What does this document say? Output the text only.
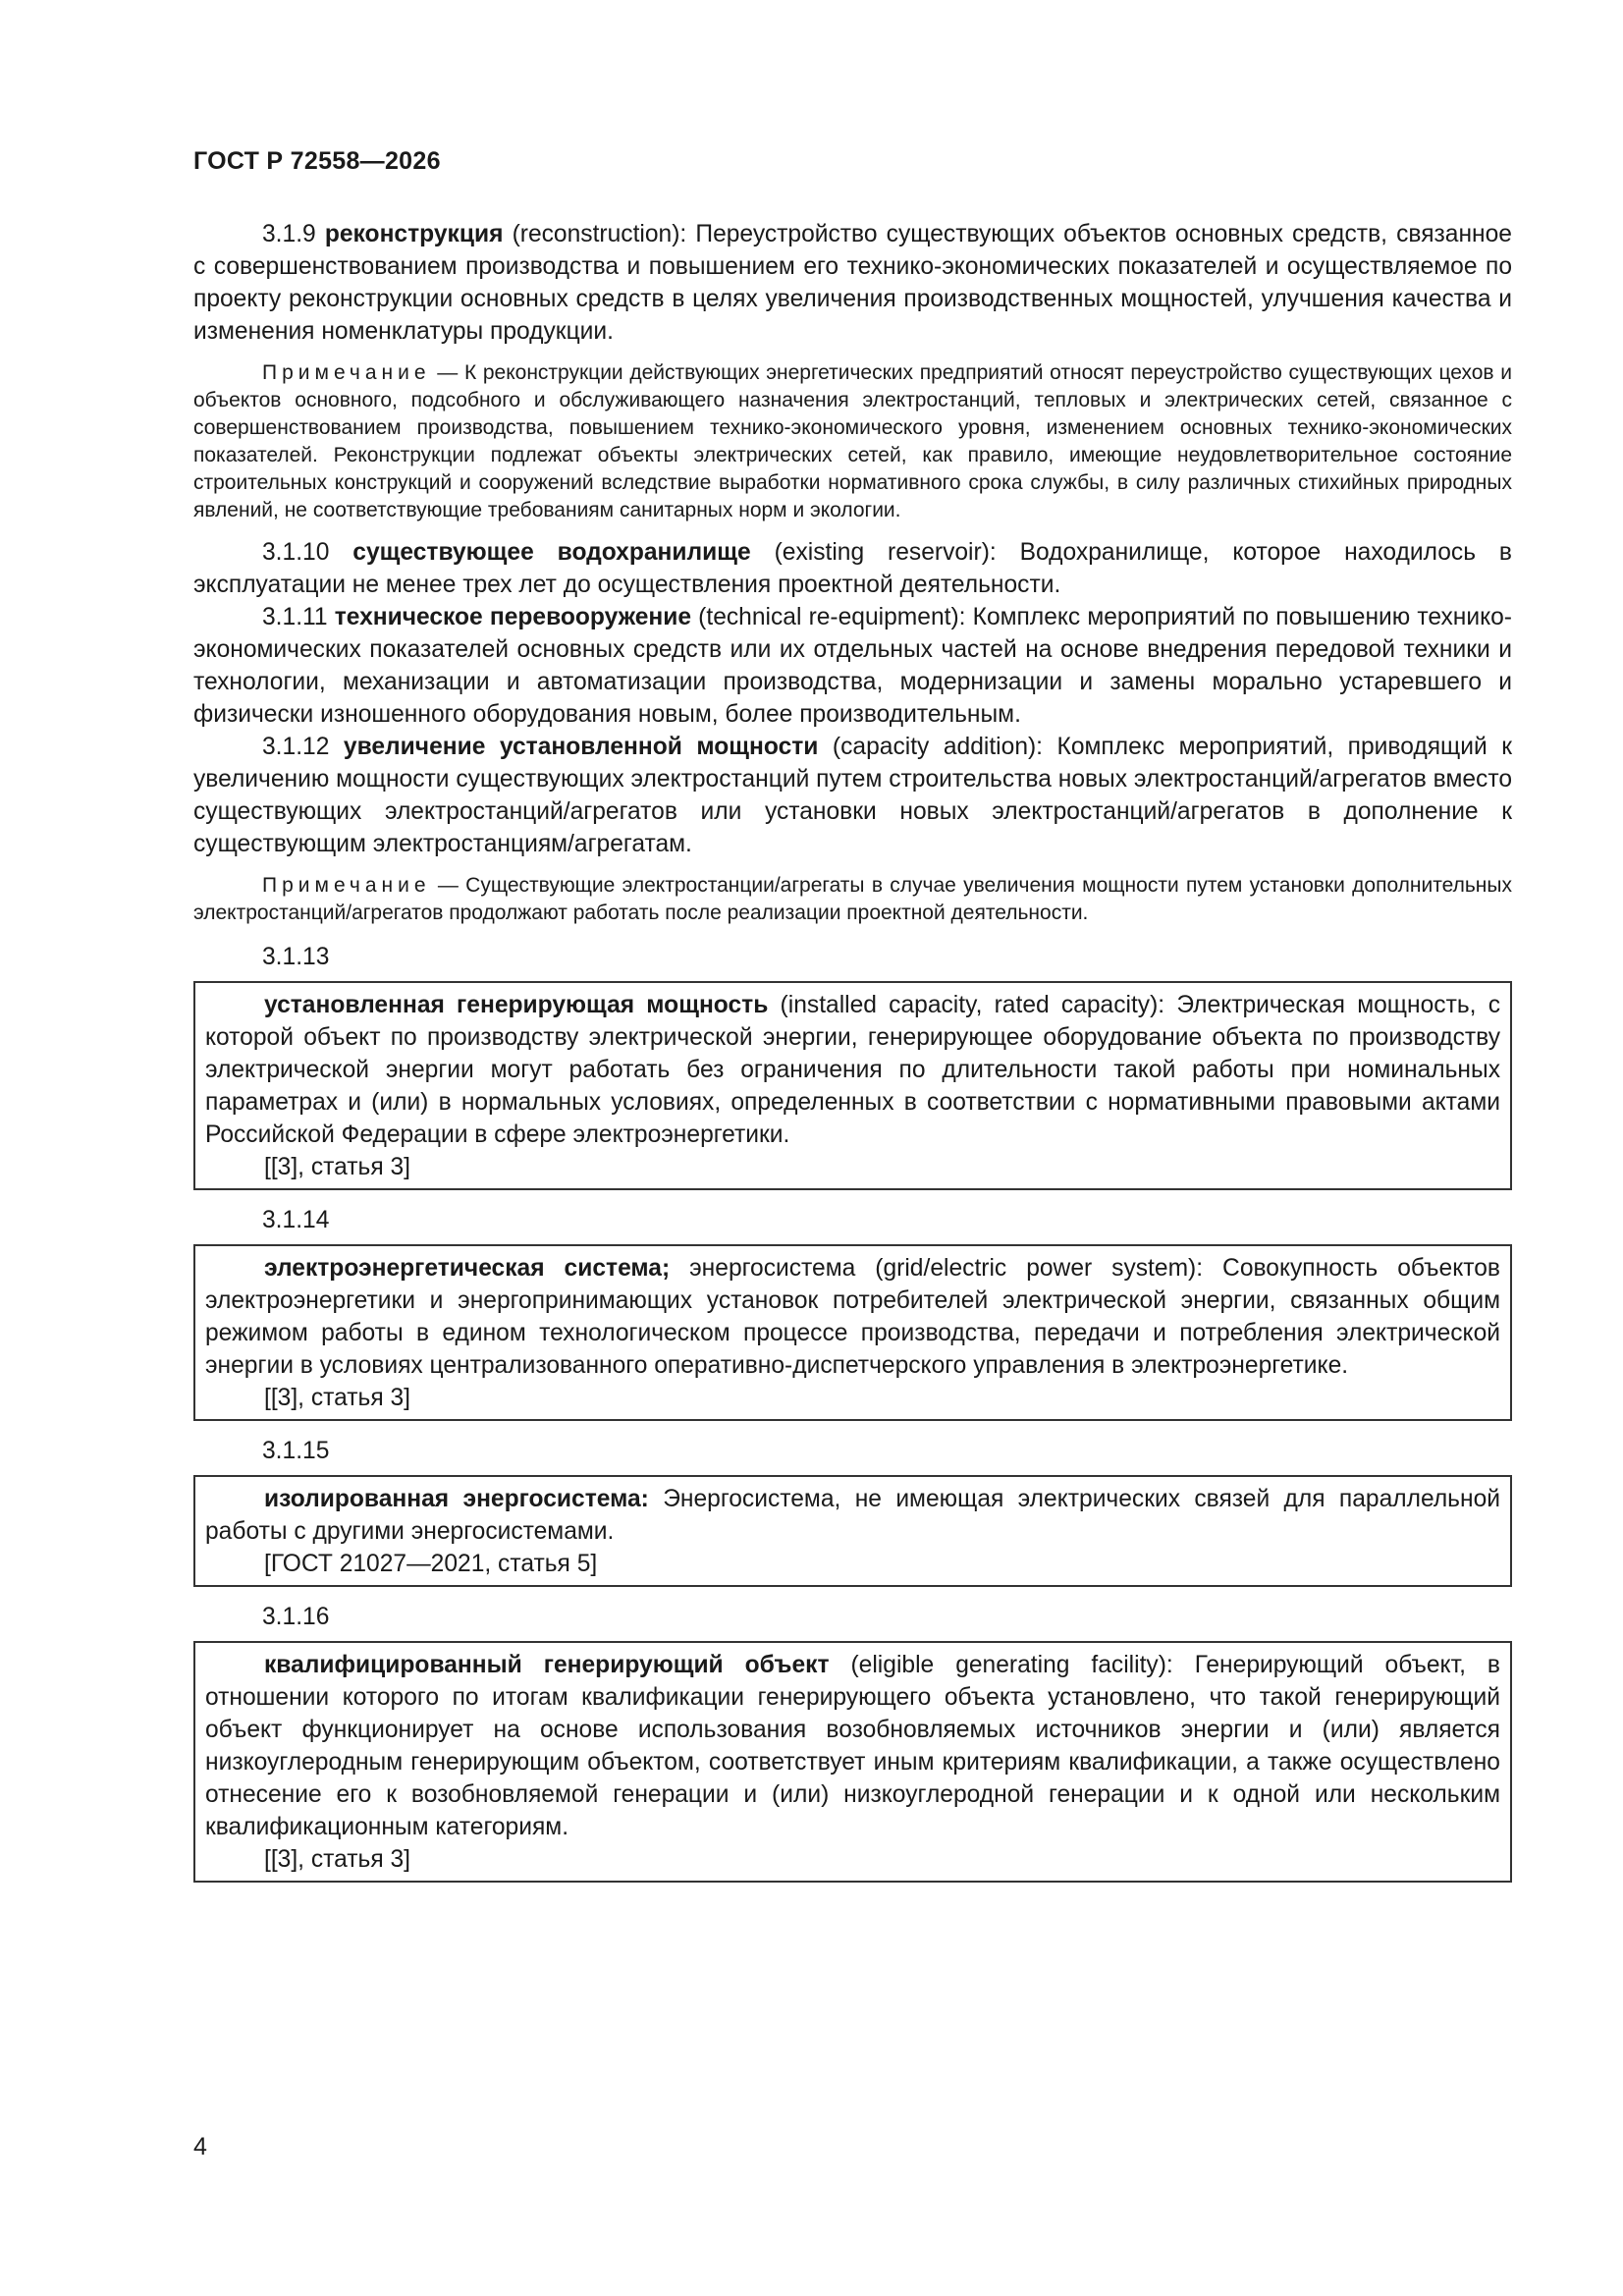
ГОСТ Р 72558—2026

3.1.9 реконструкция (reconstruction): Переустройство существующих объектов основных средств, связанное с совершенствованием производства и повышением его технико-экономических показателей и осуществляемое по проекту реконструкции основных средств в целях увеличения производственных мощностей, улучшения качества и изменения номенклатуры продукции.

Примечание — К реконструкции действующих энергетических предприятий относят переустройство существующих цехов и объектов основного, подсобного и обслуживающего назначения электростанций, тепловых и электрических сетей, связанное с совершенствованием производства, повышением технико-экономического уровня, изменением основных технико-экономических показателей. Реконструкции подлежат объекты электрических сетей, как правило, имеющие неудовлетворительное состояние строительных конструкций и сооружений вследствие выработки нормативного срока службы, в силу различных стихийных природных явлений, не соответствующие требованиям санитарных норм и экологии.

3.1.10 существующее водохранилище (existing reservoir): Водохранилище, которое находилось в эксплуатации не менее трех лет до осуществления проектной деятельности.

3.1.11 техническое перевооружение (technical re-equipment): Комплекс мероприятий по повышению технико-экономических показателей основных средств или их отдельных частей на основе внедрения передовой техники и технологии, механизации и автоматизации производства, модернизации и замены морально устаревшего и физически изношенного оборудования новым, более производительным.

3.1.12 увеличение установленной мощности (capacity addition): Комплекс мероприятий, приводящий к увеличению мощности существующих электростанций путем строительства новых электростанций/агрегатов вместо существующих электростанций/агрегатов или установки новых электростанций/агрегатов в дополнение к существующим электростанциям/агрегатам.

Примечание — Существующие электростанции/агрегаты в случае увеличения мощности путем установки дополнительных электростанций/агрегатов продолжают работать после реализации проектной деятельности.

3.1.13

установленная генерирующая мощность (installed capacity, rated capacity): Электрическая мощность, с которой объект по производству электрической энергии, генерирующее оборудование объекта по производству электрической энергии могут работать без ограничения по длительности такой работы при номинальных параметрах и (или) в нормальных условиях, определенных в соответствии с нормативными правовыми актами Российской Федерации в сфере электроэнергетики.

[[3], статья 3]
3.1.14

электроэнергетическая система; энергосистема (grid/electric power system): Совокупность объектов электроэнергетики и энергопринимающих установок потребителей электрической энергии, связанных общим режимом работы в едином технологическом процессе производства, передачи и потребления электрической энергии в условиях централизованного оперативно-диспетчерского управления в электроэнергетике.

[[3], статья 3]
3.1.15

изолированная энергосистема: Энергосистема, не имеющая электрических связей для параллельной работы с другими энергосистемами.

[ГОСТ 21027—2021, статья 5]
3.1.16

квалифицированный генерирующий объект (eligible generating facility): Генерирующий объект, в отношении которого по итогам квалификации генерирующего объекта установлено, что такой генерирующий объект функционирует на основе использования возобновляемых источников энергии и (или) является низкоуглеродным генерирующим объектом, соответствует иным критериям квалификации, а также осуществлено отнесение его к возобновляемой генерации и (или) низкоуглеродной генерации и к одной или нескольким квалификационным категориям.

[[3], статья 3]
4
